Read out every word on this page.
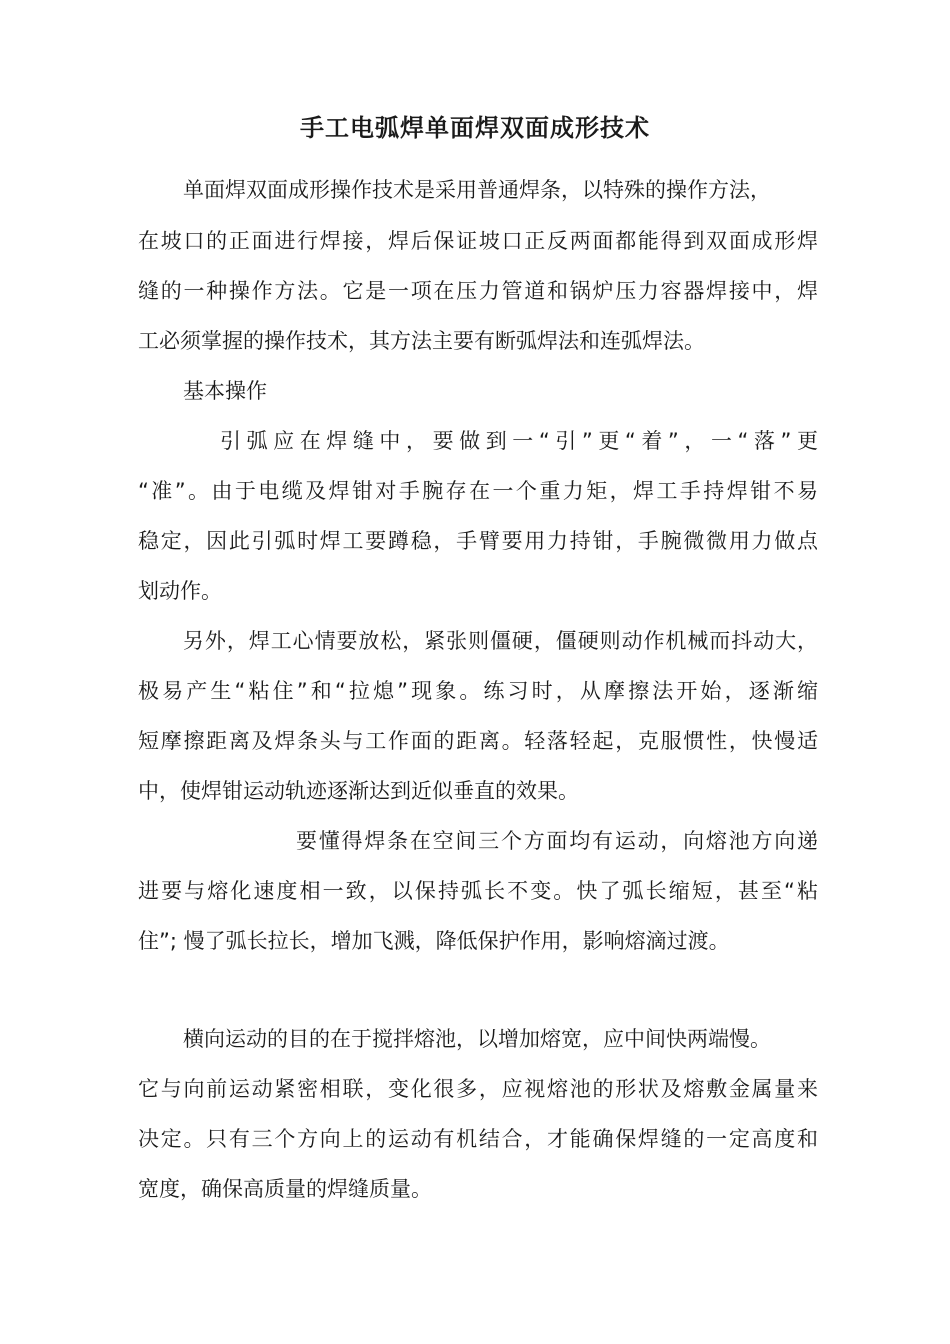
手工电弧焊单面焊双面成形技术
单面焊双面成形操作技术是采用普通焊条，以特殊的操作方法，
在坡口的正面进行焊接，焊后保证坡口正反两面都能得到双面成形焊
缝的一种操作方法。它是一项在压力管道和锅炉压力容器焊接中，焊
工必须掌握的操作技术，其方法主要有断弧焊法和连弧焊法。
基本操作
引弧应在焊缝中，要做到一“引”更“着”，一“落”更
“准”。由于电缆及焊钳对手腕存在一个重力矩，焊工手持焊钳不易
稳定，因此引弧时焊工要蹲稳，手臂要用力持钳，手腕微微用力做点
划动作。
另外，焊工心情要放松，紧张则僵硬，僵硬则动作机械而抖动大，
极易产生“粘住”和“拉熄”现象。练习时，从摩擦法开始，逐渐缩
短摩擦距离及焊条头与工作面的距离。轻落轻起，克服惯性，快慢适
中，使焊钳运动轨迹逐渐达到近似垂直的效果。
要懂得焊条在空间三个方面均有运动，向熔池方向递
进要与熔化速度相一致，以保持弧长不变。快了弧长缩短，甚至“粘
住”; 慢了弧长拉长，增加飞溅，降低保护作用，影响熔滴过渡。
横向运动的目的在于搅拌熔池，以增加熔宽，应中间快两端慢。
它与向前运动紧密相联，变化很多，应视熔池的形状及熔敷金属量来
决定。只有三个方向上的运动有机结合，才能确保焊缝的一定高度和
宽度，确保高质量的焊缝质量。
